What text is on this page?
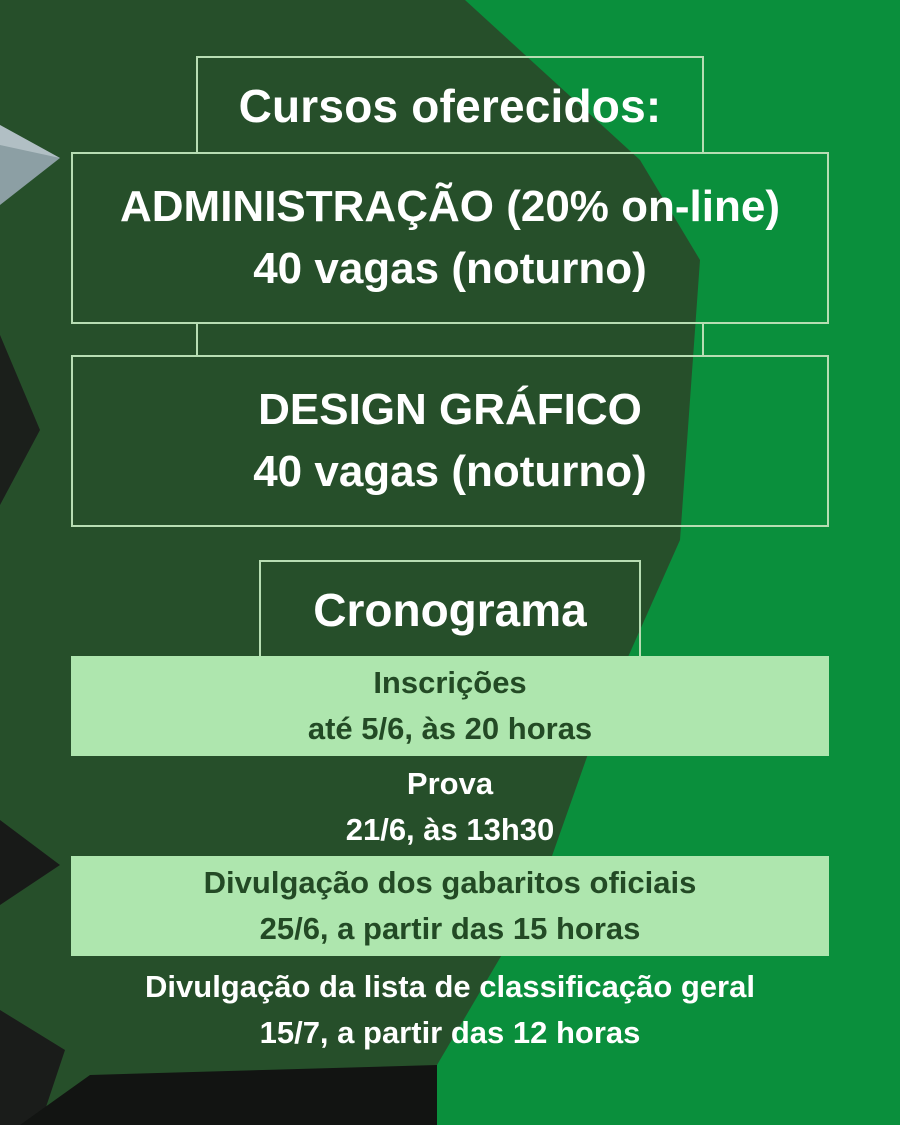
Cursos oferecidos:
ADMINISTRAÇÃO (20% on-line)
40 vagas (noturno)
DESIGN GRÁFICO
40 vagas (noturno)
Cronograma
Inscrições
até 5/6, às 20 horas
Prova
21/6, às 13h30
Divulgação dos gabaritos oficiais
25/6, a partir das 15 horas
Divulgação da lista de classificação geral
15/7, a partir das 12 horas
